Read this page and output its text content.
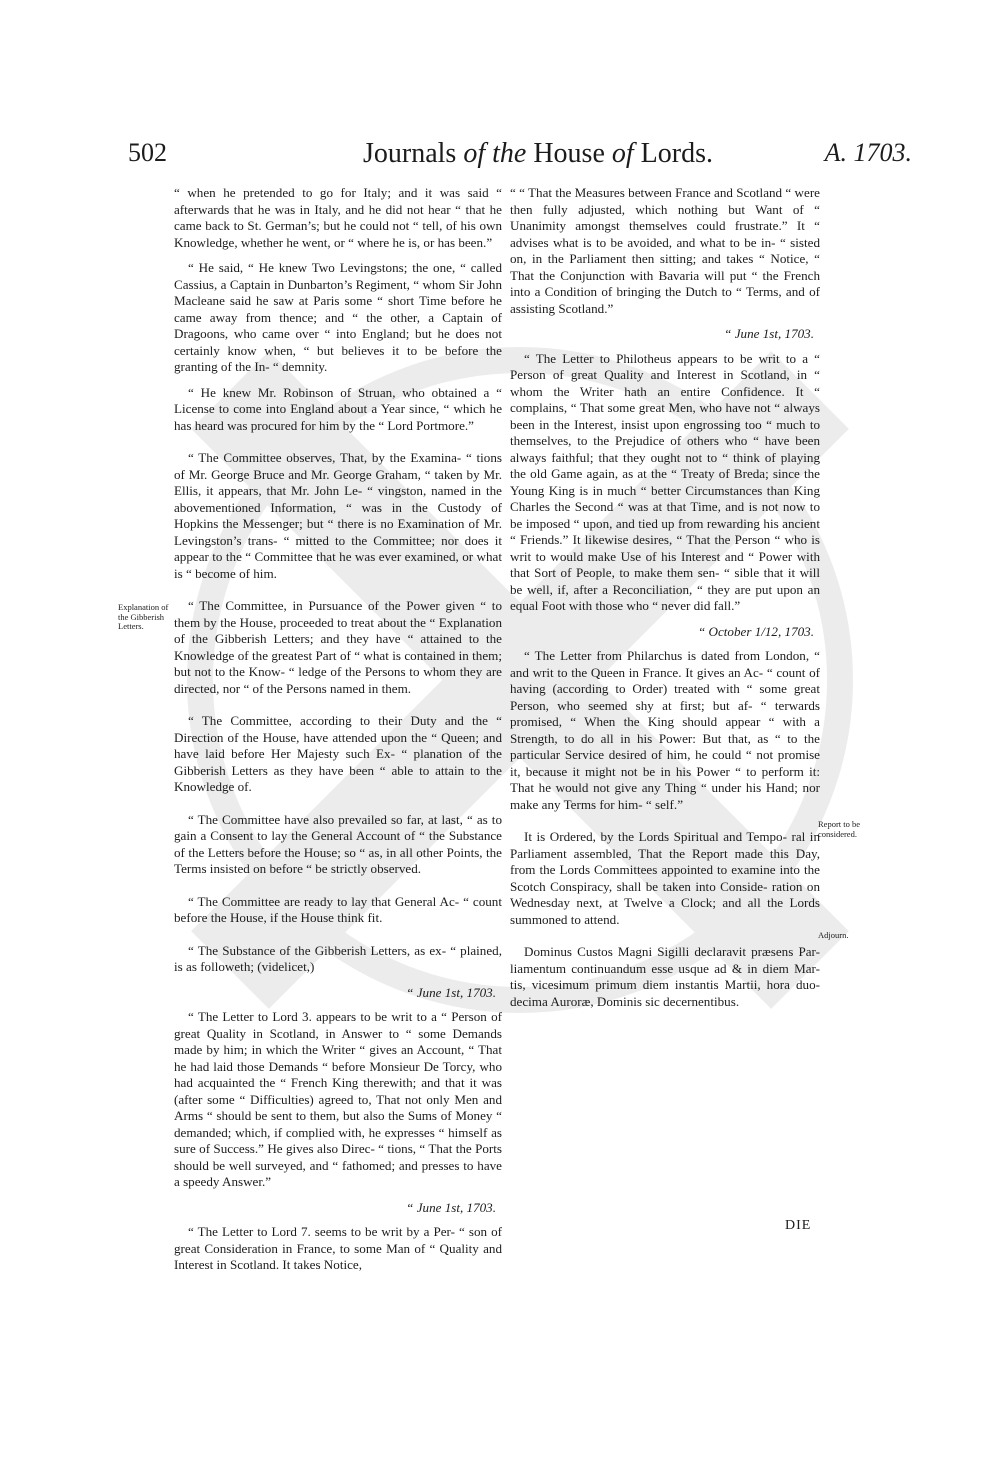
502	Journals of the House of Lords.	A. 1703.

“ when he pretended to go for Italy; and it was said “ afterwards that he was in Italy, and he did not hear “ that he came back to St. German’s; but he could not “ tell, of his own Knowledge, whether he went, or “ where he is, or has been.”

“ He said, “ He knew Two Levingstons; the one, “ called Cassius, a Captain in Dunbarton’s Regiment, “ whom Sir John Macleane said he saw at Paris some “ short Time before he came away from thence; and “ the other, a Captain of Dragoons, who came over “ into England; but he does not certainly know when, “ but believes it to be before the granting of the In- “ demnity.

“ He knew Mr. Robinson of Struan, who obtained a “ License to come into England about a Year since, “ which he has heard was procured for him by the “ Lord Portmore.”

“ The Committee observes, That, by the Examina- “ tions of Mr. George Bruce and Mr. George Graham, “ taken by Mr. Ellis, it appears, that Mr. John Le- “ vingston, named in the abovementioned Information, “ was in the Custody of Hopkins the Messenger; but “ there is no Examination of Mr. Levingston’s trans- “ mitted to the Committee; nor does it appear to the “ Committee that he was ever examined, or what is “ become of him.

“ The Committee, in Pursuance of the Power given “ to them by the House, proceeded to treat about the “ Explanation of the Gibberish Letters; and they have “ attained to the Knowledge of the greatest Part of “ what is contained in them; but not to the Know- “ ledge of the Persons to whom they are directed, nor “ of the Persons named in them.

“ The Committee, according to their Duty and the “ Direction of the House, have attended upon the “ Queen; and have laid before Her Majesty such Ex- “ planation of the Gibberish Letters as they have been “ able to attain to the Knowledge of.

“ The Committee have also prevailed so far, at last, “ as to gain a Consent to lay the General Account of “ the Substance of the Letters before the House; so “ as, in all other Points, the Terms insisted on before “ be strictly observed.

“ The Committee are ready to lay that General Ac- “ count before the House, if the House think fit.

“ The Substance of the Gibberish Letters, as ex- “ plained, is as followeth; (videlicet,)

“ June 1st, 1703.

“ The Letter to Lord 3. appears to be writ to a “ Person of great Quality in Scotland, in Answer to “ some Demands made by him; in which the Writer “ gives an Account, “ That he had laid those Demands “ before Monsieur De Torcy, who had acquainted the “ French King therewith; and that it was (after some “ Difficulties) agreed to, That not only Men and Arms “ should be sent to them, but also the Sums of Money “ demanded; which, if complied with, he expresses “ himself as sure of Success.” He gives also Direc- “ tions, “ That the Ports should be well surveyed, and “ fathomed; and presses to have a speedy Answer.”

“ June 1st, 1703.

“ The Letter to Lord 7. seems to be writ by a Per- “ son of great Consideration in France, to some Man of “ Quality and Interest in Scotland. It takes Notice,

“ “ That the Measures between France and Scotland “ were then fully adjusted, which nothing but Want of “ Unanimity amongst themselves could frustrate.” It “ advises what is to be avoided, and what to be in- “ sisted on, in the Parliament then sitting; and takes “ Notice, “ That the Conjunction with Bavaria will put “ the French into a Condition of bringing the Dutch to “ Terms, and of assisting Scotland.”

“ June 1st, 1703.

“ The Letter to Philotheus appears to be writ to a “ Person of great Quality and Interest in Scotland, in “ whom the Writer hath an entire Confidence. It “ complains, “ That some great Men, who have not “ always been in the Interest, insist upon engrossing too “ much to themselves, to the Prejudice of others who “ have been always faithful; that they ought not to “ think of playing the old Game again, as at the “ Treaty of Breda; since the Young King is in much “ better Circumstances than King Charles the Second “ was at that Time, and is not now to be imposed “ upon, and tied up from rewarding his ancient “ Friends.” It likewise desires, “ That the Person “ who is writ to would make Use of his Interest and “ Power with that Sort of People, to make them sen- “ sible that it will be well, if, after a Reconciliation, “ they are put upon an equal Foot with those who “ never did fall.”

“ October 1/12, 1703.

“ The Letter from Philarchus is dated from London, “ and writ to the Queen in France. It gives an Ac- “ count of having (according to Order) treated with “ some great Person, who seemed shy at first; but af- “ terwards promised, “ When the King should appear “ with a Strength, to do all in his Power: But that, as “ to the particular Service desired of him, he could “ not promise it, because it might not be in his Power “ to perform it: That he would not give any Thing “ under his Hand; nor make any Terms for him- “ self.”

It is Ordered, by the Lords Spiritual and Tempo- ral in Parliament assembled, That the Report made this Day, from the Lords Committees appointed to examine into the Scotch Conspiracy, shall be taken into Conside- ration on Wednesday next, at Twelve a Clock; and all the Lords summoned to attend.

Dominus Custos Magni Sigilli declaravit præsens Par- liamentum continuandum esse usque ad & in diem Mar- tis, vicesimum primum diem instantis Martii, hora duo- decima Auroræ, Dominis sic decernentibus.

Explanation of the Gibberish Letters.
Report to be considered.
Adjourn.
DIE
